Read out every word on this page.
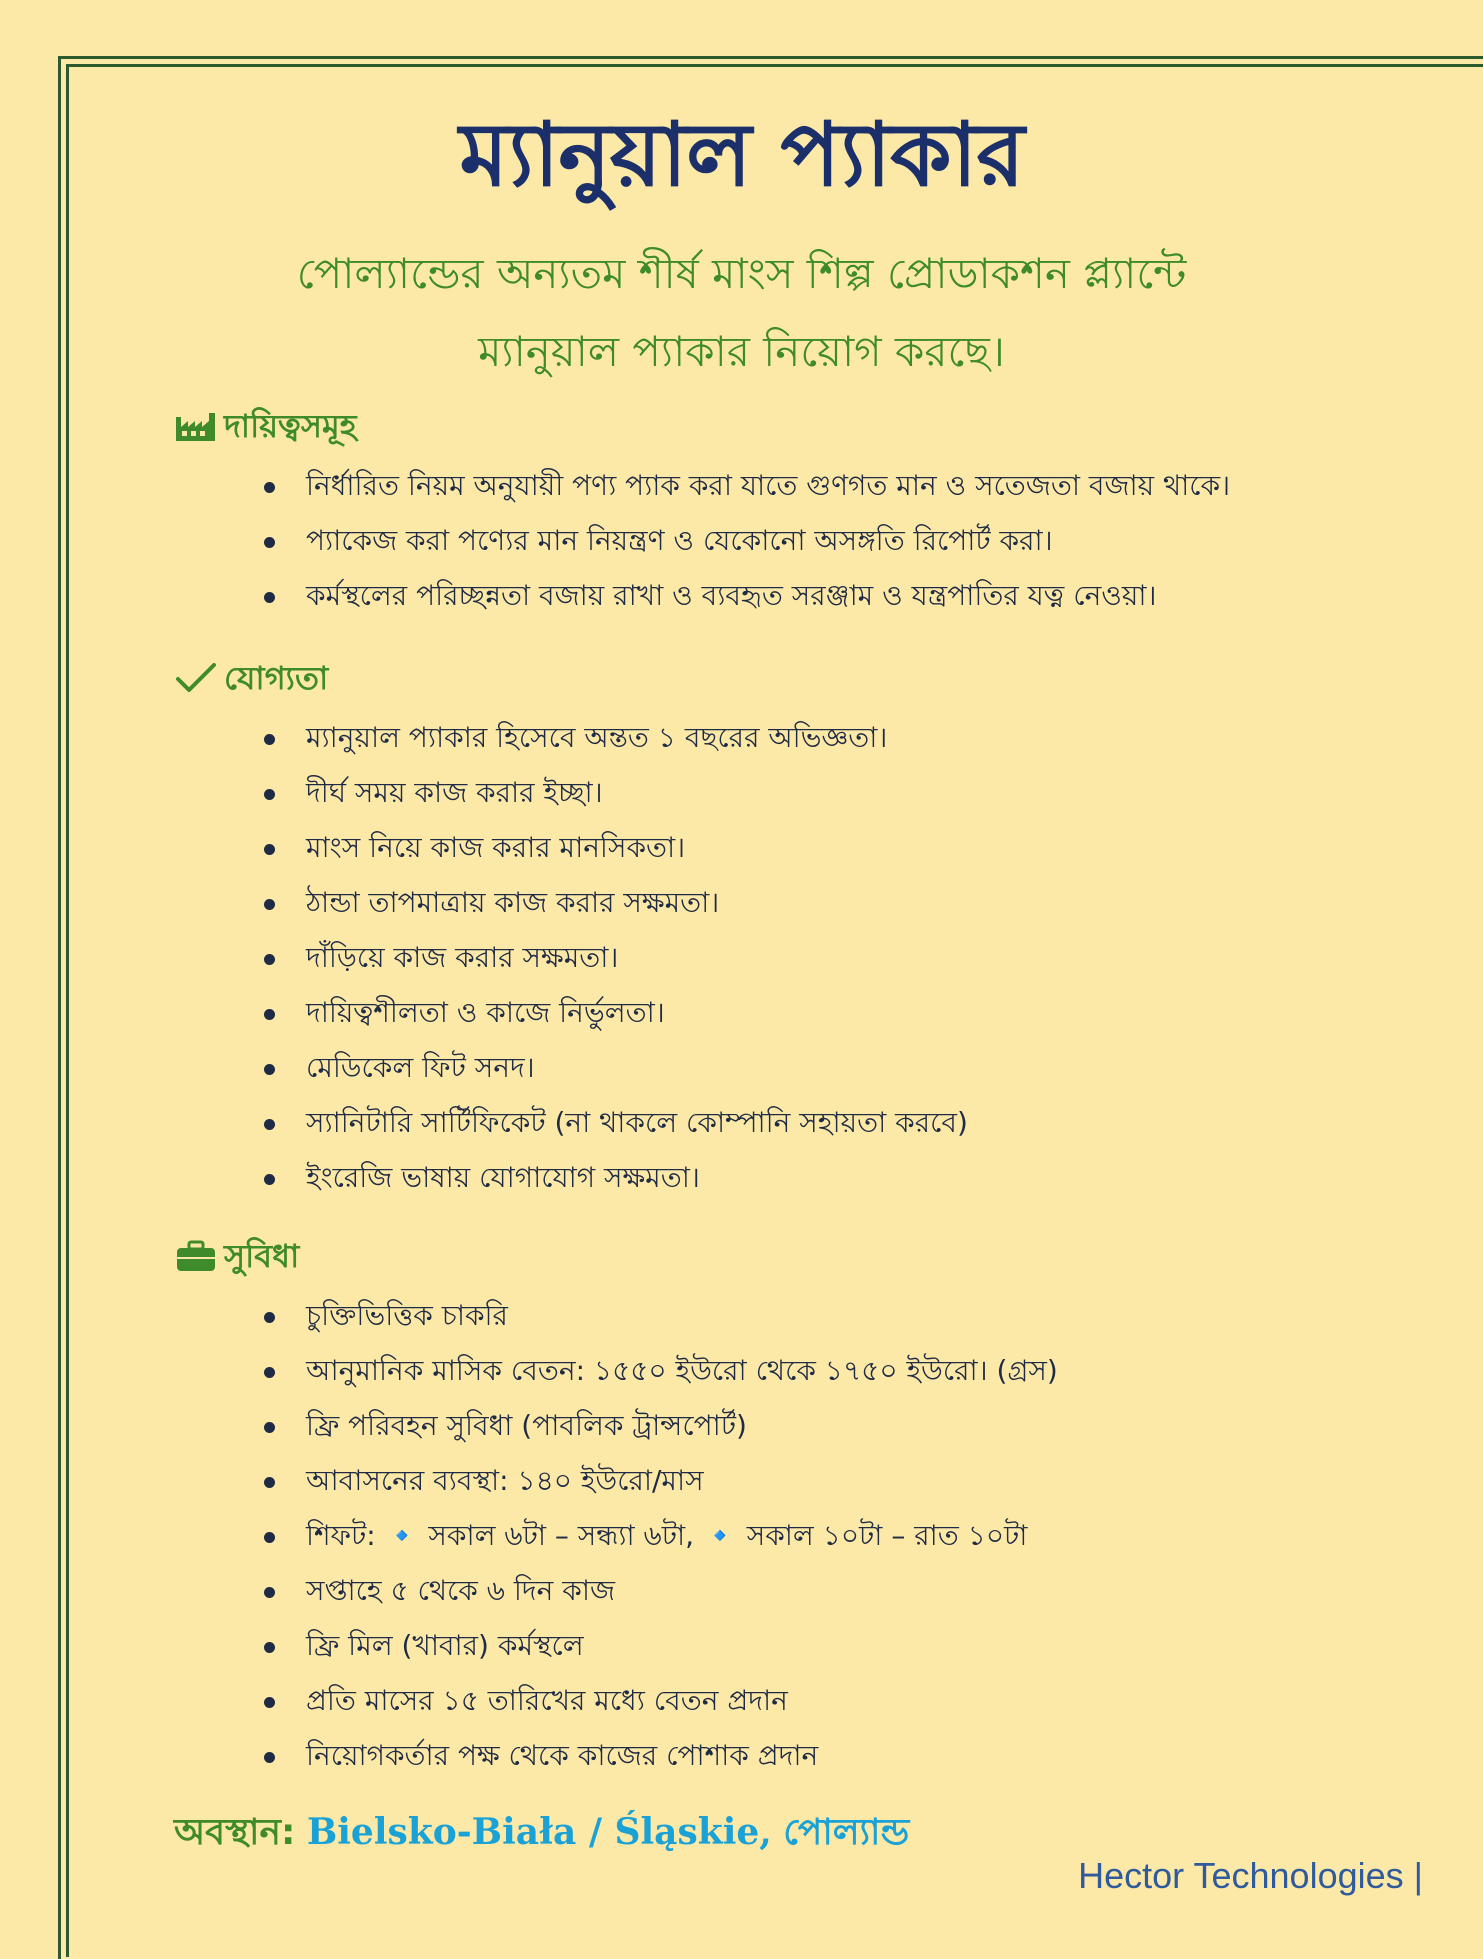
ম্যানুয়াল প্যাকার
পোল্যান্ডের অন্যতম শীর্ষ মাংস শিল্প প্রোডাকশন প্ল্যান্টে
ম্যানুয়াল প্যাকার নিয়োগ করছে।
দায়িত্বসমূহ
নির্ধারিত নিয়ম অনুযায়ী পণ্য প্যাক করা যাতে গুণগত মান ও সতেজতা বজায় থাকে।
প্যাকেজ করা পণ্যের মান নিয়ন্ত্রণ ও যেকোনো অসঙ্গতি রিপোর্ট করা।
কর্মস্থলের পরিচ্ছন্নতা বজায় রাখা ও ব্যবহৃত সরঞ্জাম ও যন্ত্রপাতির যত্ন নেওয়া।
যোগ্যতা
ম্যানুয়াল প্যাকার হিসেবে অন্তত ১ বছরের অভিজ্ঞতা।
দীর্ঘ সময় কাজ করার ইচ্ছা।
মাংস নিয়ে কাজ করার মানসিকতা।
ঠান্ডা তাপমাত্রায় কাজ করার সক্ষমতা।
দাঁড়িয়ে কাজ করার সক্ষমতা।
দায়িত্বশীলতা ও কাজে নির্ভুলতা।
মেডিকেল ফিট সনদ।
স্যানিটারি সার্টিফিকেট (না থাকলে কোম্পানি সহায়তা করবে)
ইংরেজি ভাষায় যোগাযোগ সক্ষমতা।
সুবিধা
চুক্তিভিত্তিক চাকরি
আনুমানিক মাসিক বেতন: ১৫৫০ ইউরো থেকে ১৭৫০ ইউরো। (গ্রস)
ফ্রি পরিবহন সুবিধা (পাবলিক ট্রান্সপোর্ট)
আবাসনের ব্যবস্থা: ১৪০ ইউরো/মাস
শিফট: 🔹 সকাল ৬টা – সন্ধ্যা ৬টা, 🔹 সকাল ১০টা – রাত ১০টা
সপ্তাহে ৫ থেকে ৬ দিন কাজ
ফ্রি মিল (খাবার) কর্মস্থলে
প্রতি মাসের ১৫ তারিখের মধ্যে বেতন প্রদান
নিয়োগকর্তার পক্ষ থেকে কাজের পোশাক প্রদান
অবস্থান: Bielsko-Biała / Śląskie, পোল্যান্ড
Hector Technologies |
